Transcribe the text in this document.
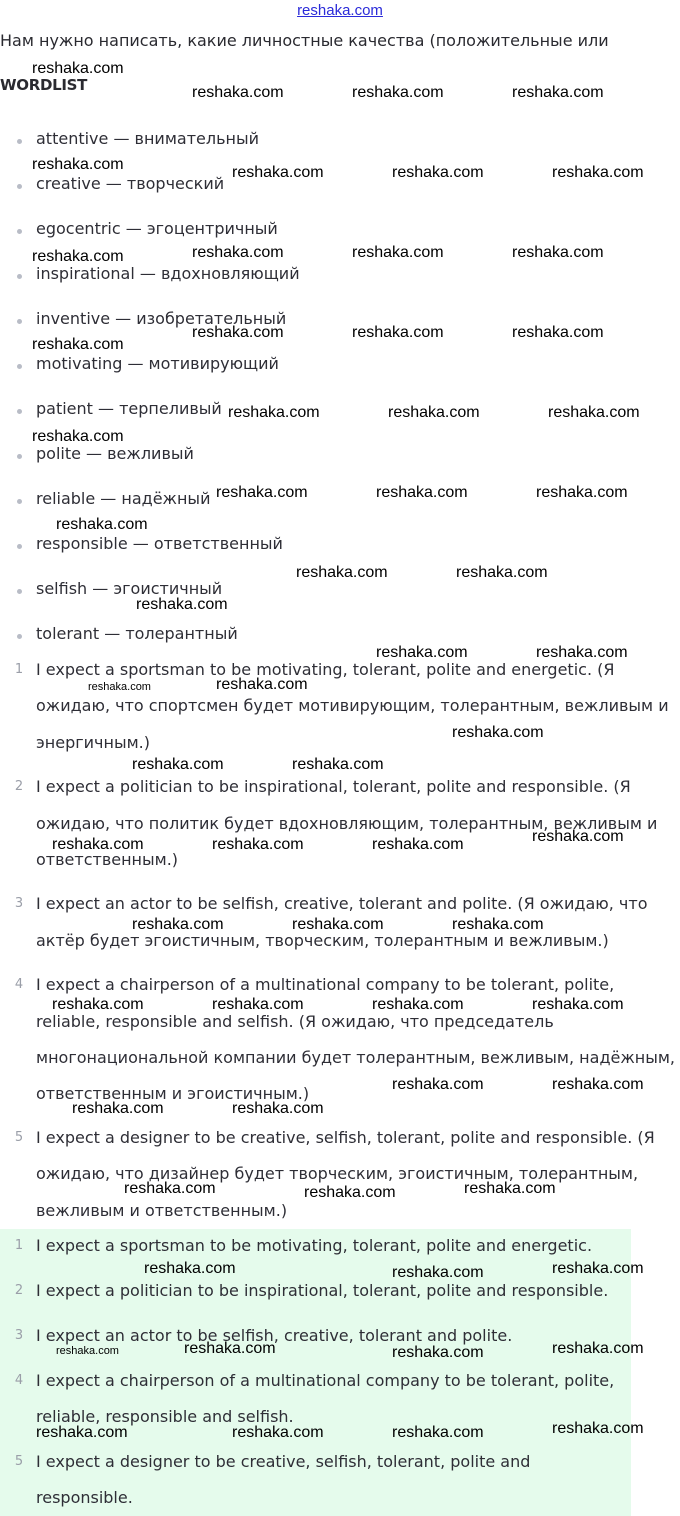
reshaka.com
Нам нужно написать, какие личностные качества (положительные или
WORDLIST
attentive — внимательный
creative — творческий
egocentric — эгоцентричный
inspirational — вдохновляющий
inventive — изобретательный
motivating — мотивирующий
patient — терпеливый
polite — вежливый
reliable — надёжный
responsible — ответственный
selfish — эгоистичный
tolerant — толерантный
1 I expect a sportsman to be motivating, tolerant, polite and energetic. (Я
ожидаю, что спортсмен будет мотивирующим, толерантным, вежливым и
энергичным.)
2 I expect a politician to be inspirational, tolerant, polite and responsible. (Я
ожидаю, что политик будет вдохновляющим, толерантным, вежливым и
ответственным.)
3 I expect an actor to be selfish, creative, tolerant and polite. (Я ожидаю, что
актёр будет эгоистичным, творческим, толерантным и вежливым.)
4 I expect a chairperson of a multinational company to be tolerant, polite,
reliable, responsible and selfish. (Я ожидаю, что председатель
многонациональной компании будет толерантным, вежливым, надёжным,
ответственным и эгоистичным.)
5 I expect a designer to be creative, selfish, tolerant, polite and responsible. (Я
ожидаю, что дизайнер будет творческим, эгоистичным, толерантным,
вежливым и ответственным.)
1 I expect a sportsman to be motivating, tolerant, polite and energetic.
2 I expect a politician to be inspirational, tolerant, polite and responsible.
3 I expect an actor to be selfish, creative, tolerant and polite.
4 I expect a chairperson of a multinational company to be tolerant, polite,
reliable, responsible and selfish.
5 I expect a designer to be creative, selfish, tolerant, polite and
responsible.
reshaka.com
reshaka.com	reshaka.com	reshaka.com
reshaka.com	reshaka.com	reshaka.com	reshaka.com
reshaka.com	reshaka.com	reshaka.com	reshaka.com
reshaka.com
reshaka.com	reshaka.com	reshaka.com
reshaka.com	reshaka.com	reshaka.com
reshaka.com
reshaka.com	reshaka.com	reshaka.com
reshaka.com
reshaka.com	reshaka.com
reshaka.com
reshaka.com	reshaka.com
reshaka.com	reshaka.com
reshaka.com
reshaka.com	reshaka.com
reshaka.com
reshaka.com	reshaka.com	reshaka.com
reshaka.com	reshaka.com	reshaka.com
reshaka.com	reshaka.com	reshaka.com	reshaka.com
reshaka.com	reshaka.com
reshaka.com	reshaka.com
reshaka.com	reshaka.com	reshaka.com
reshaka.com	reshaka.com	reshaka.com
reshaka.com	reshaka.com	reshaka.com	reshaka.com
reshaka.com
reshaka.com	reshaka.com	reshaka.com
